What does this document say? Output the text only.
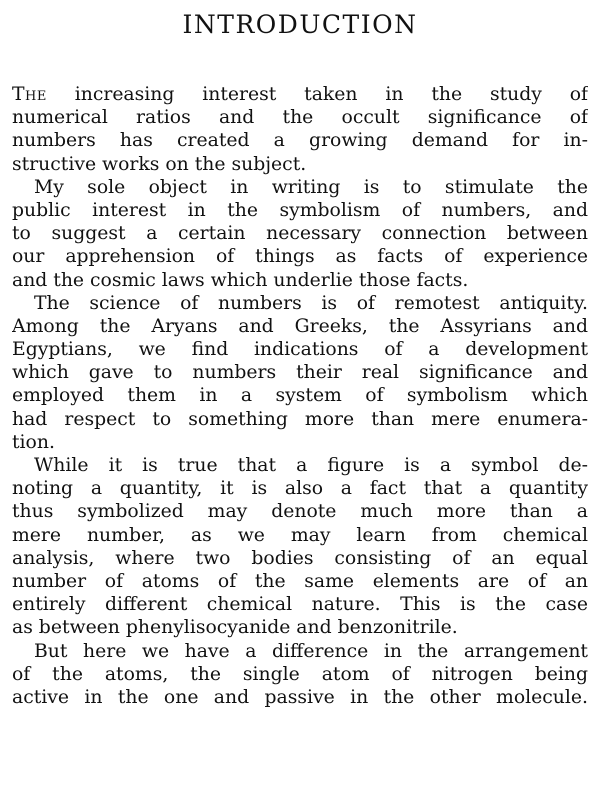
INTRODUCTION
The increasing interest taken in the study of
numerical ratios and the occult significance of
numbers has created a growing demand for in-
structive works on the subject.
My sole object in writing is to stimulate the
public interest in the symbolism of numbers, and
to suggest a certain necessary connection between
our apprehension of things as facts of experience
and the cosmic laws which underlie those facts.
The science of numbers is of remotest antiquity.
Among the Aryans and Greeks, the Assyrians and
Egyptians, we find indications of a development
which gave to numbers their real significance and
employed them in a system of symbolism which
had respect to something more than mere enumera-
tion.
While it is true that a figure is a symbol de-
noting a quantity, it is also a fact that a quantity
thus symbolized may denote much more than a
mere number, as we may learn from chemical
analysis, where two bodies consisting of an equal
number of atoms of the same elements are of an
entirely different chemical nature. This is the case
as between phenylisocyanide and benzonitrile.
But here we have a difference in the arrangement
of the atoms, the single atom of nitrogen being
active in the one and passive in the other molecule.
